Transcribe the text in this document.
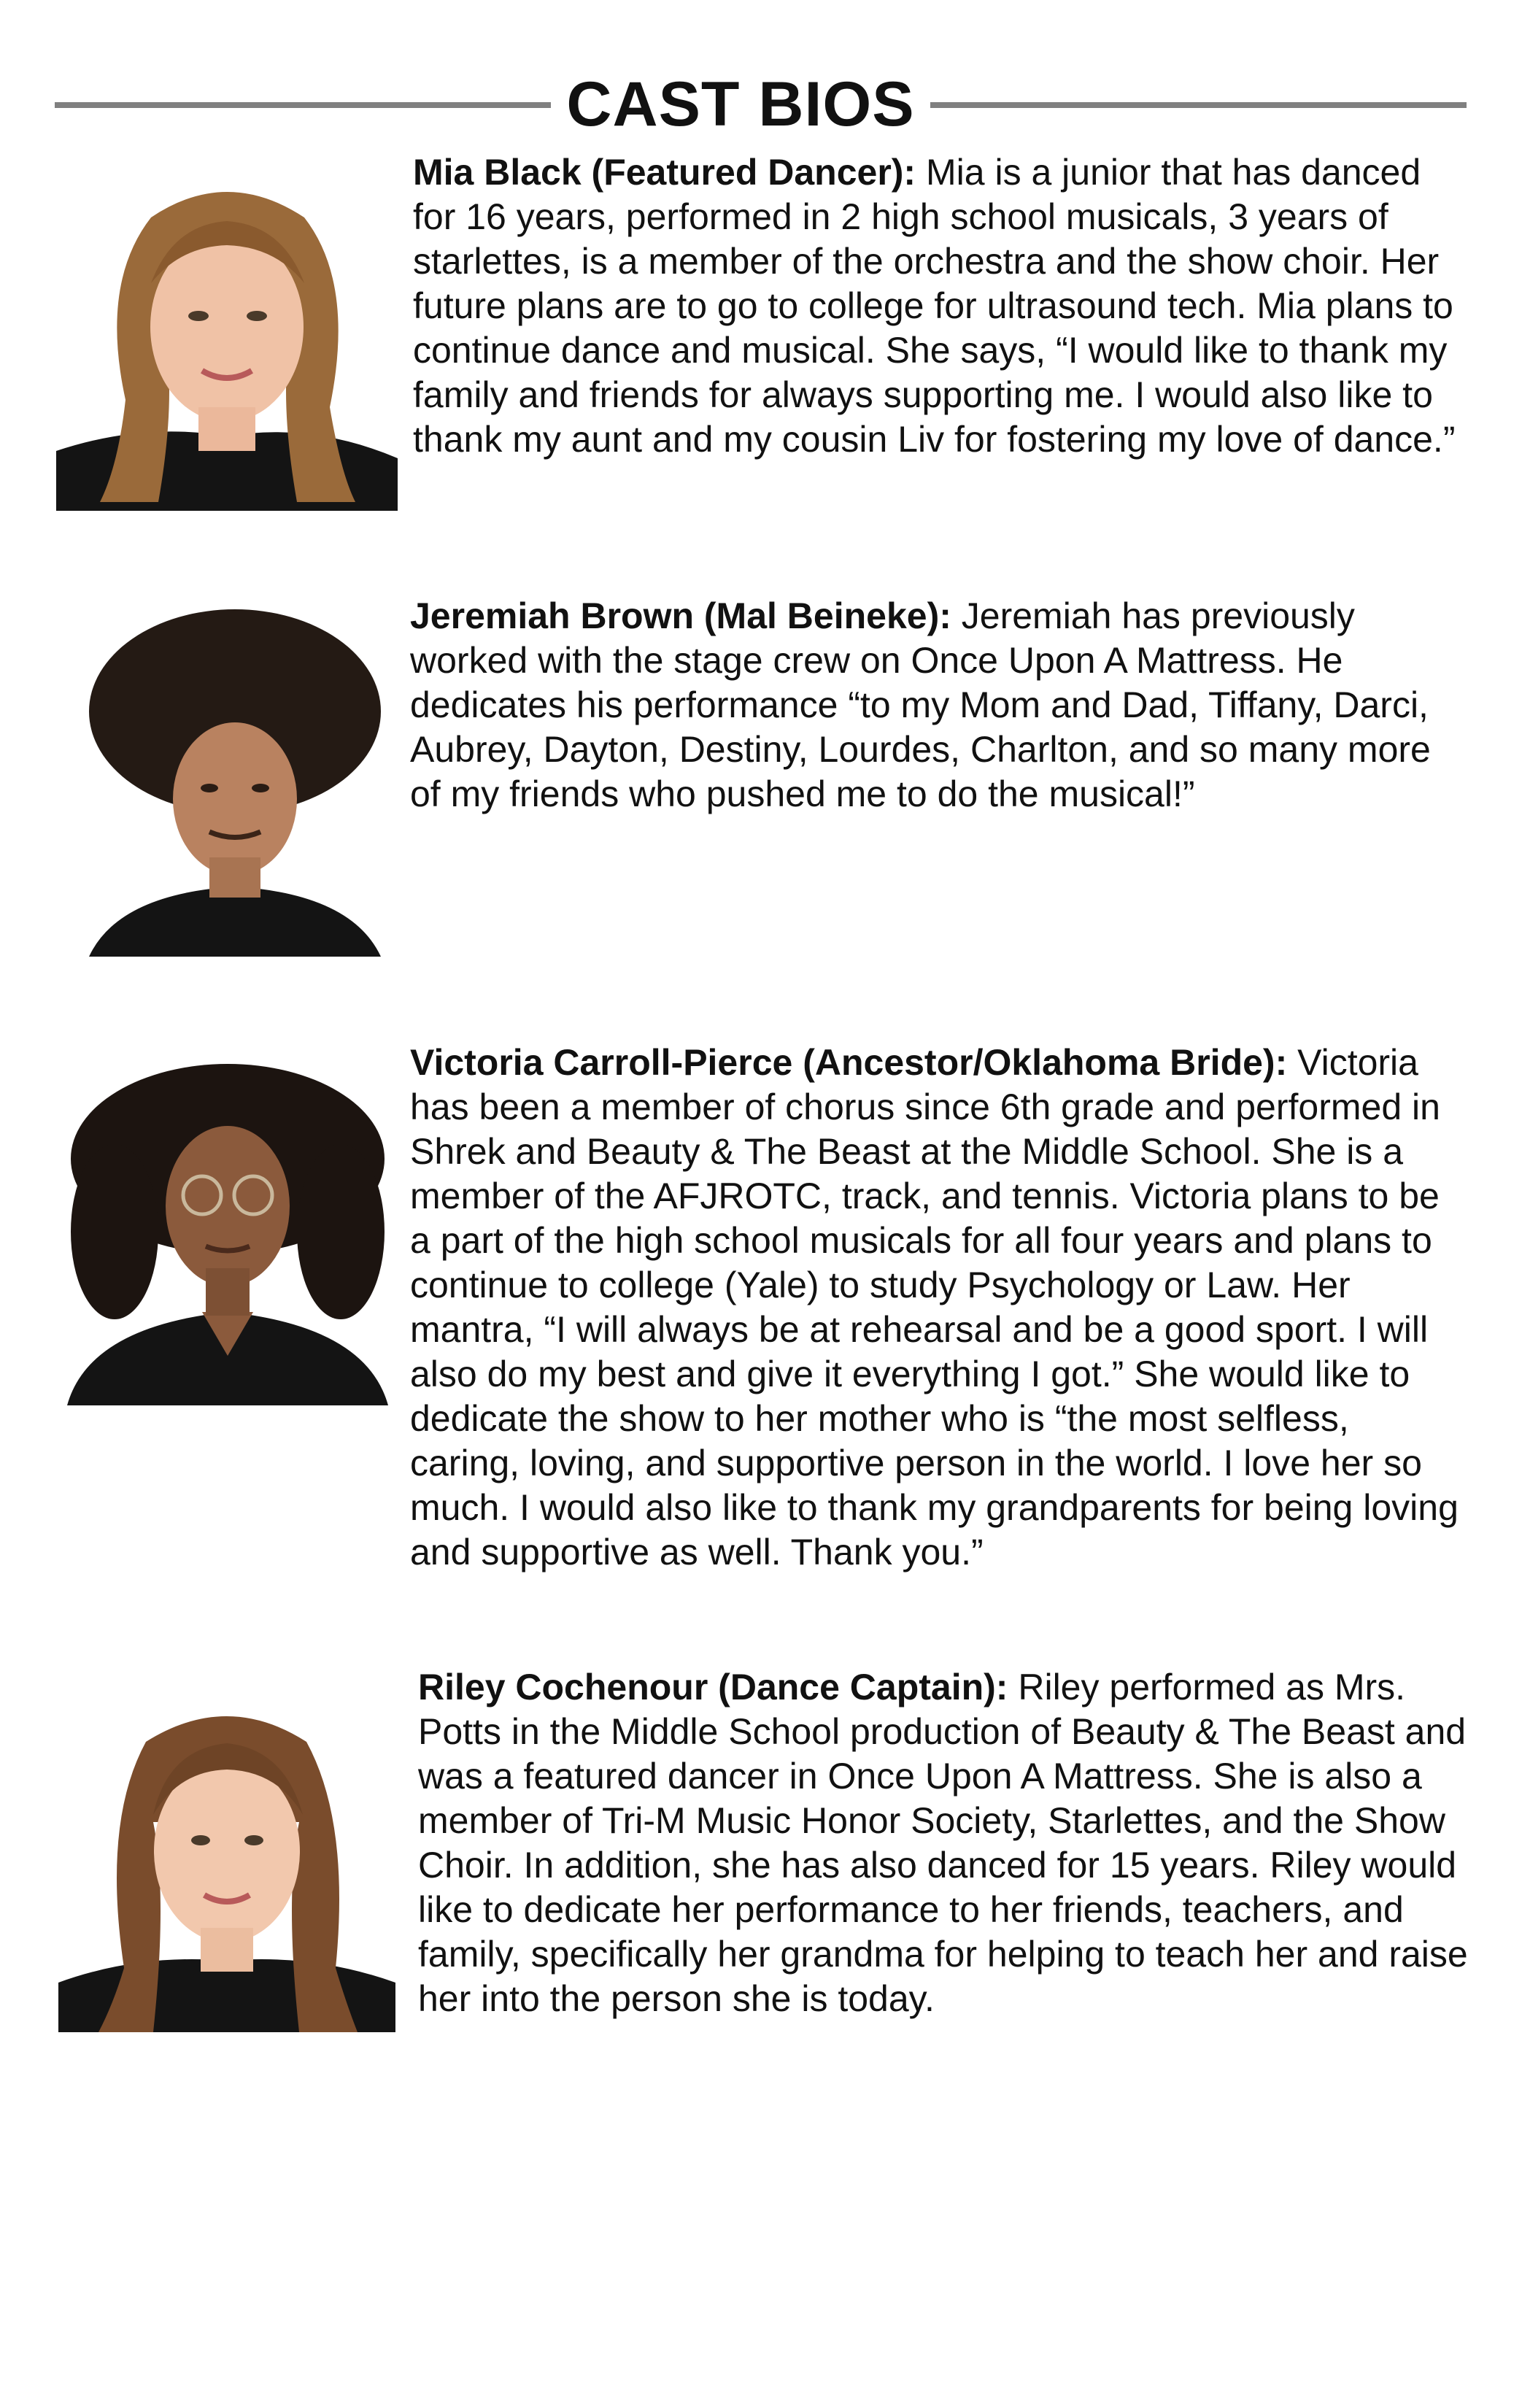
CAST BIOS

Mia Black (Featured Dancer): Mia is a junior that has danced for 16 years, performed in 2 high school musicals, 3 years of starlettes, is a member of the orchestra and the show choir. Her future plans are to go to college for ultrasound tech. Mia plans to continue dance and musical. She says, “I would like to thank my family and friends for always supporting me. I would also like to thank my aunt and my cousin Liv for fostering my love of dance.”

Jeremiah Brown (Mal Beineke): Jeremiah has previously worked with the stage crew on Once Upon A Mattress. He dedicates his performance “to my Mom and Dad, Tiffany, Darci, Aubrey, Dayton, Destiny, Lourdes, Charlton, and so many more of my friends who pushed me to do the musical!”

Victoria Carroll-Pierce (Ancestor/Oklahoma Bride): Victoria has been a member of chorus since 6th grade and performed in Shrek and Beauty & The Beast at the Middle School. She is a member of the AFJROTC, track, and tennis. Victoria plans to be a part of the high school musicals for all four years and plans to continue to college (Yale) to study Psychology or Law. Her mantra, “I will always be at rehearsal and be a good sport. I will also do my best and give it everything I got.” She would like to dedicate the show to her mother who is “the most selfless, caring, loving, and supportive person in the world. I love her so much. I would also like to thank my grandparents for being loving and supportive as well. Thank you.”

Riley Cochenour (Dance Captain): Riley performed as Mrs. Potts in the Middle School production of Beauty & The Beast and was a featured dancer in Once Upon A Mattress. She is also a member of Tri-M Music Honor Society, Starlettes, and the Show Choir. In addition, she has also danced for 15 years. Riley would like to dedicate her performance to her friends, teachers, and family, specifically her grandma for helping to teach her and raise her into the person she is today.
